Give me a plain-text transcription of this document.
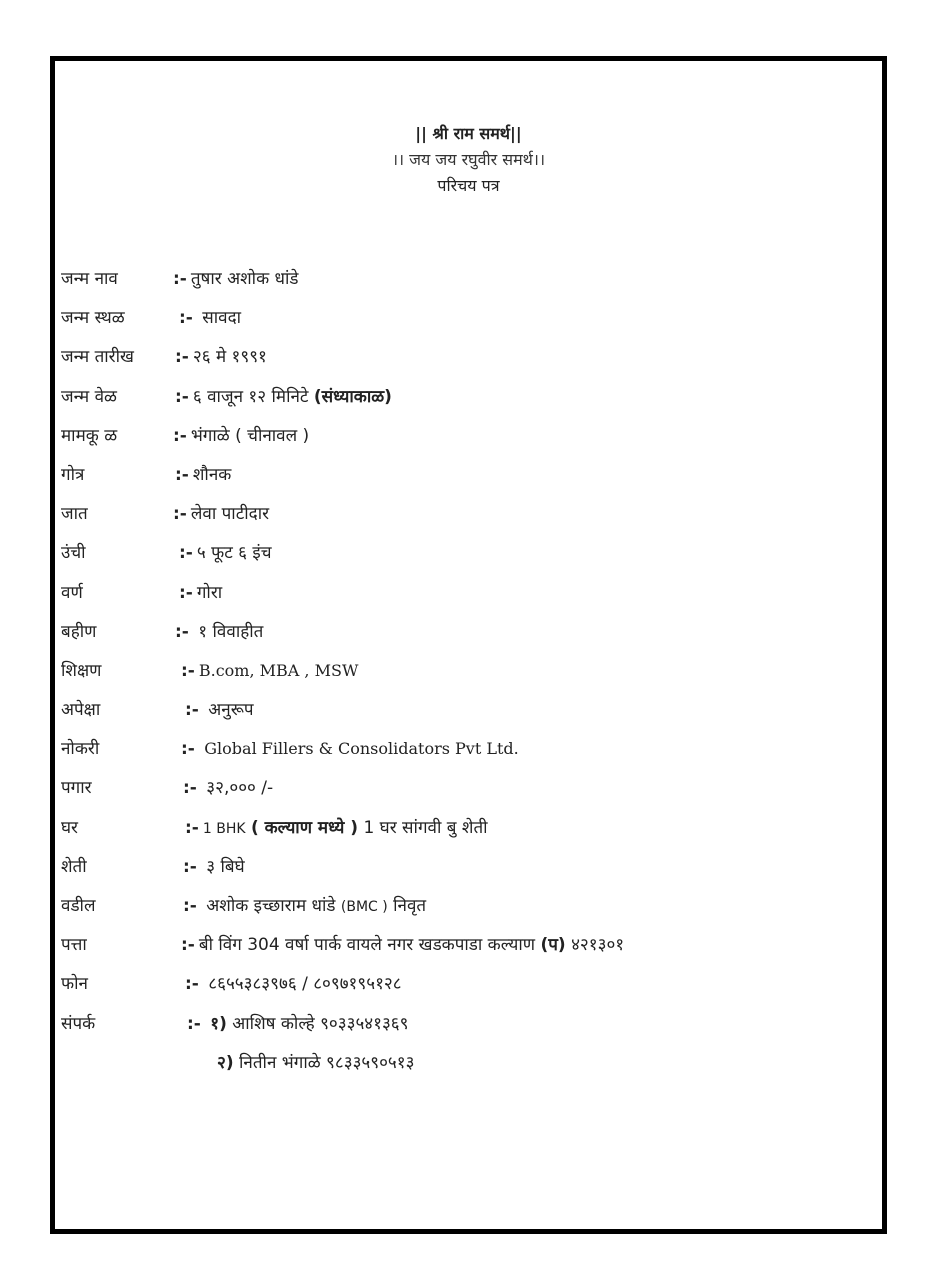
|| श्री राम समर्थ||
।। जय जय रघुवीर समर्थ।।
परिचय पत्र
जन्म नाव	:- तुषार अशोक धांडे
जन्म स्थळ	:- सावदा
जन्म तारीख :- २६ मे १९९१
जन्म वेळ	:- ६ वाजून १२ मिनिटे (संध्याकाळ)
मामकू ळ	:- भंगाळे ( चीनावल )
गोत्र	:- शौनक
जात	:- लेवा पाटीदार
उंची	:- ५ फूट ६ इंच
वर्ण	:- गोरा
बहीण	:- १ विवाहीत
शिक्षण	:- B.com, MBA , MSW
अपेक्षा	:- अनुरूप
नोकरी	:- Global Fillers & Consolidators Pvt Ltd.
पगार	:- ३२,००० /-
घर	:- 1 BHK ( कल्याण मध्ये ) 1 घर सांगवी बु शेती
शेती	:- ३ बिघे
वडील	:- अशोक इच्छाराम धांडे (BMC ) निवृत
पत्ता	:- बी विंग 304 वर्षा पार्क वायले नगर खडकपाडा कल्याण (प) ४२१३०१
फोन	:- ८६५५३८३९७६ / ८०९७१९५१२८
संपर्क	:- १) आशिष कोल्हे ९०३३५४१३६९
२) नितीन भंगाळे ९८३३५९०५१३
